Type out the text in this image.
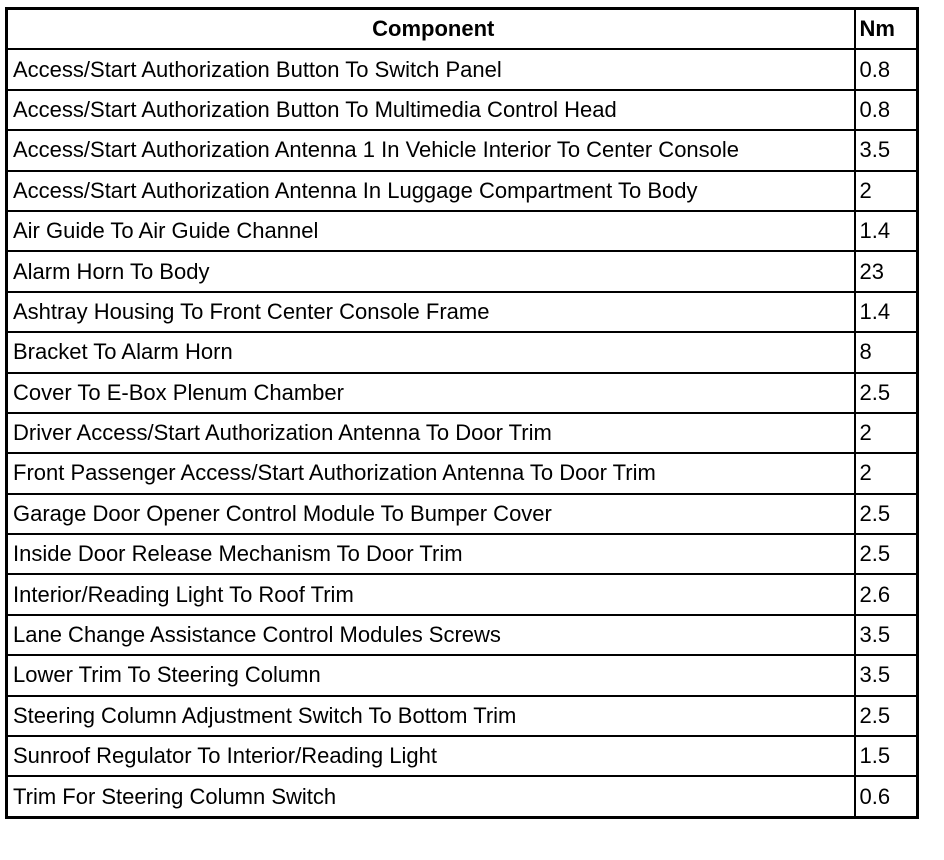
Component	Nm
Access/Start Authorization Button To Switch Panel	0.8
Access/Start Authorization Button To Multimedia Control Head	0.8
Access/Start Authorization Antenna 1 In Vehicle Interior To Center Console	3.5
Access/Start Authorization Antenna In Luggage Compartment To Body	2
Air Guide To Air Guide Channel	1.4
Alarm Horn To Body	23
Ashtray Housing To Front Center Console Frame	1.4
Bracket To Alarm Horn	8
Cover To E-Box Plenum Chamber	2.5
Driver Access/Start Authorization Antenna To Door Trim	2
Front Passenger Access/Start Authorization Antenna To Door Trim	2
Garage Door Opener Control Module To Bumper Cover	2.5
Inside Door Release Mechanism To Door Trim	2.5
Interior/Reading Light To Roof Trim	2.6
Lane Change Assistance Control Modules Screws	3.5
Lower Trim To Steering Column	3.5
Steering Column Adjustment Switch To Bottom Trim	2.5
Sunroof Regulator To Interior/Reading Light	1.5
Trim For Steering Column Switch	0.6
